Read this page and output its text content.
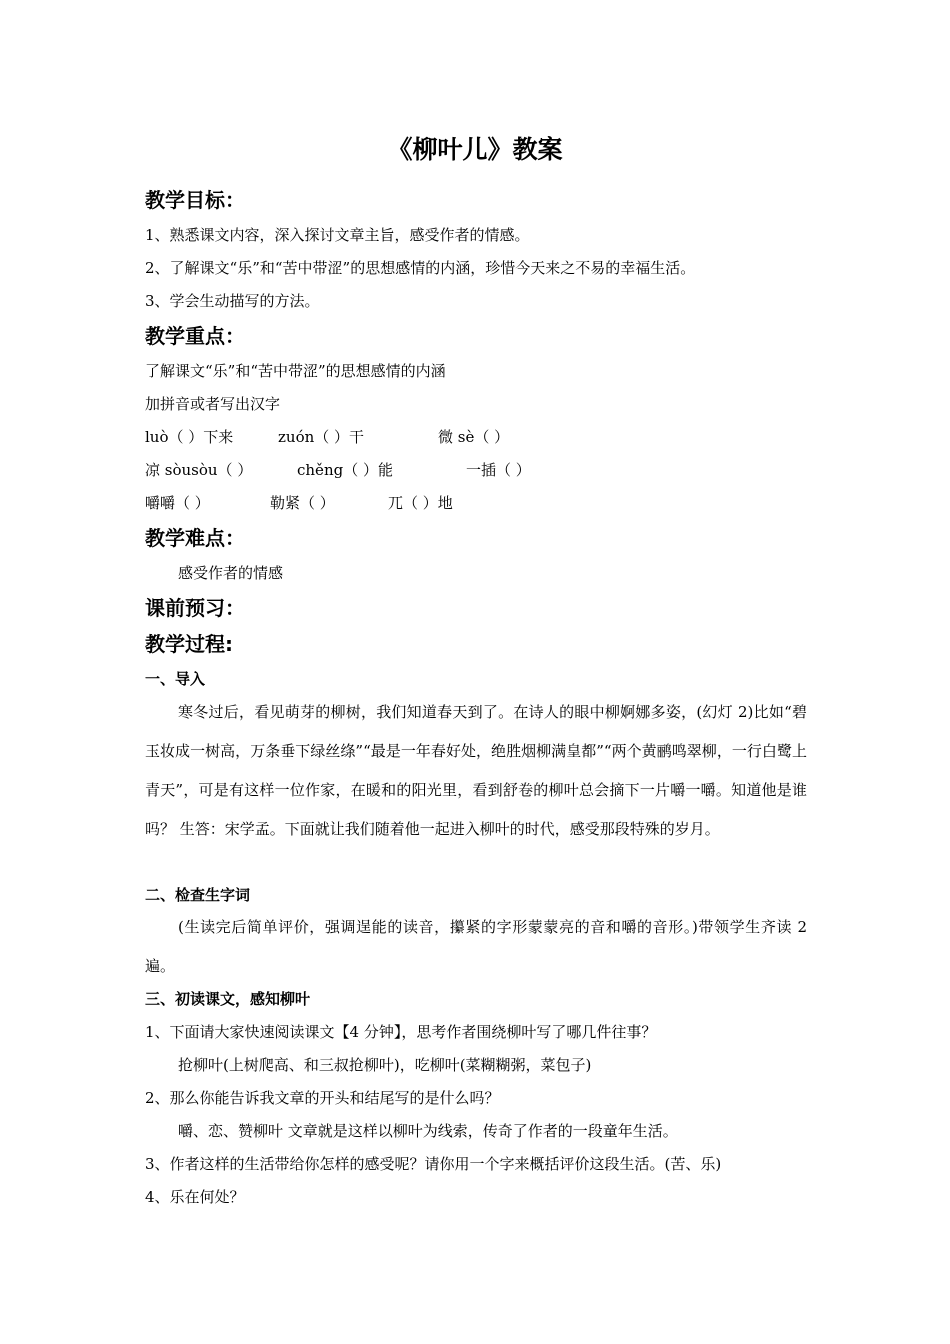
《柳叶儿》教案
教学目标：
1、熟悉课文内容，深入探讨文章主旨，感受作者的情感。
2、了解课文“乐”和“苦中带涩”的思想感情的内涵，珍惜今天来之不易的幸福生活。
3、学会生动描写的方法。
教学重点：
了解课文“乐”和“苦中带涩”的思想感情的内涵
加拼音或者写出汉字
luò（ ）下来	zuón（ ）干	微 sè（ ）
凉 sòusòu（ ）	chěng（ ）能	一插（ ）
嚼嚼（ ）	勒紧（ ）	兀（ ）地
教学难点：
感受作者的情感
课前预习：
教学过程:
一、导入
寒冬过后，看见萌芽的柳树，我们知道春天到了。在诗人的眼中柳婀娜多姿，(幻灯 2)比如“碧玉妆成一树高，万条垂下绿丝绦”“最是一年春好处，绝胜烟柳满皇都”“两个黄鹂鸣翠柳，一行白鹭上青天”，可是有这样一位作家，在暖和的阳光里，看到舒卷的柳叶总会摘下一片嚼一嚼。知道他是谁吗？ 生答：宋学孟。下面就让我们随着他一起进入柳叶的时代，感受那段特殊的岁月。
二、检查生字词
(生读完后简单评价，强调逞能的读音，攥紧的字形蒙蒙亮的音和嚼的音形。)带领学生齐读 2 遍。
三、初读课文，感知柳叶
1、下面请大家快速阅读课文【4 分钟】，思考作者围绕柳叶写了哪几件往事？
抢柳叶(上树爬高、和三叔抢柳叶)，吃柳叶(菜糊糊粥，菜包子)
2、那么你能告诉我文章的开头和结尾写的是什么吗？
嚼、恋、赞柳叶 文章就是这样以柳叶为线索，传奇了作者的一段童年生活。
3、作者这样的生活带给你怎样的感受呢？请你用一个字来概括评价这段生活。(苦、乐)
4、乐在何处？
